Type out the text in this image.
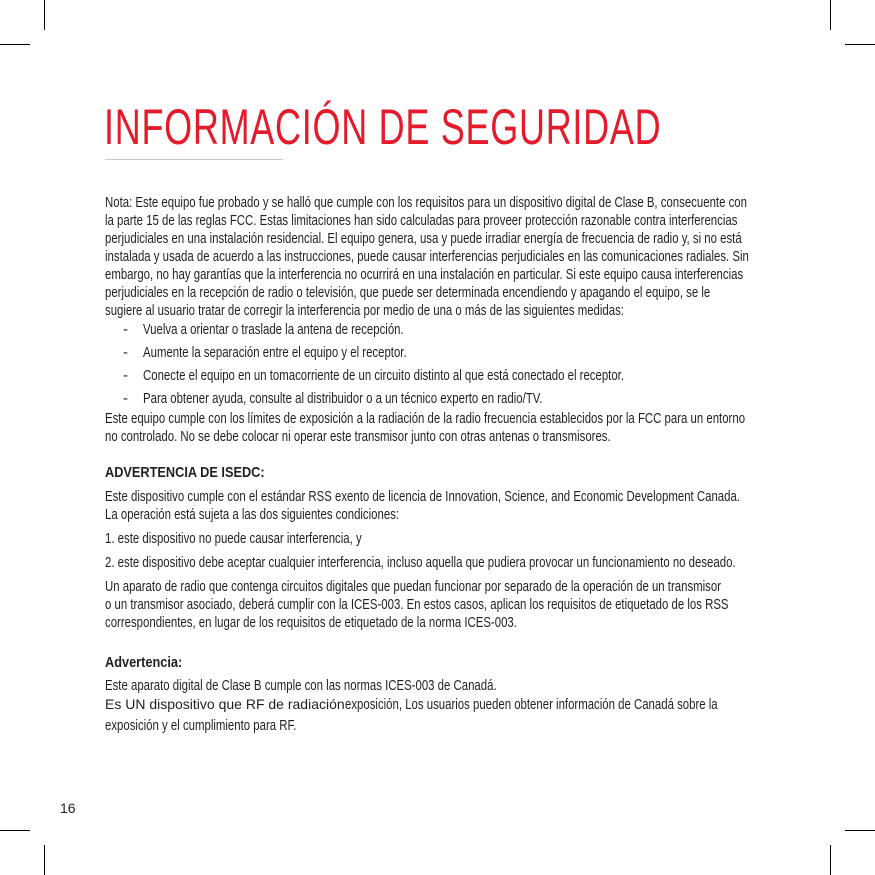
INFORMACIÓN DE SEGURIDAD
Nota: Este equipo fue probado y se halló que cumple con los requisitos para un dispositivo digital de Clase B, consecuente con
la parte 15 de las reglas FCC. Estas limitaciones han sido calculadas para proveer protección razonable contra interferencias
perjudiciales en una instalación residencial. El equipo genera, usa y puede irradiar energía de frecuencia de radio y, si no está
instalada y usada de acuerdo a las instrucciones, puede causar interferencias perjudiciales en las comunicaciones radiales. Sin
embargo, no hay garantías que la interferencia no ocurrirá en una instalación en particular. Si este equipo causa interferencias
perjudiciales en la recepción de radio o televisión, que puede ser determinada encendiendo y apagando el equipo, se le
sugiere al usuario tratar de corregir la interferencia por medio de una o más de las siguientes medidas:
- Vuelva a orientar o traslade la antena de recepción.
- Aumente la separación entre el equipo y el receptor.
- Conecte el equipo en un tomacorriente de un circuito distinto al que está conectado el receptor.
- Para obtener ayuda, consulte al distribuidor o a un técnico experto en radio/TV.
Este equipo cumple con los límites de exposición a la radiación de la radio frecuencia establecidos por la FCC para un entorno
no controlado. No se debe colocar ni operar este transmisor junto con otras antenas o transmisores.
ADVERTENCIA DE ISEDC:
Este dispositivo cumple con el estándar RSS exento de licencia de Innovation, Science, and Economic Development Canada.
La operación está sujeta a las dos siguientes condiciones:
1. este dispositivo no puede causar interferencia, y
2. este dispositivo debe aceptar cualquier interferencia, incluso aquella que pudiera provocar un funcionamiento no deseado.
Un aparato de radio que contenga circuitos digitales que puedan funcionar por separado de la operación de un transmisor
o un transmisor asociado, deberá cumplir con la ICES-003. En estos casos, aplican los requisitos de etiquetado de los RSS
correspondientes, en lugar de los requisitos de etiquetado de la norma ICES-003.
Advertencia:
Este aparato digital de Clase B cumple con las normas ICES-003 de Canadá.
Es UN dispositivo que RF de radiaciónexposición, Los usuarios pueden obtener información de Canadá sobre la
exposición y el cumplimiento para RF.
16
